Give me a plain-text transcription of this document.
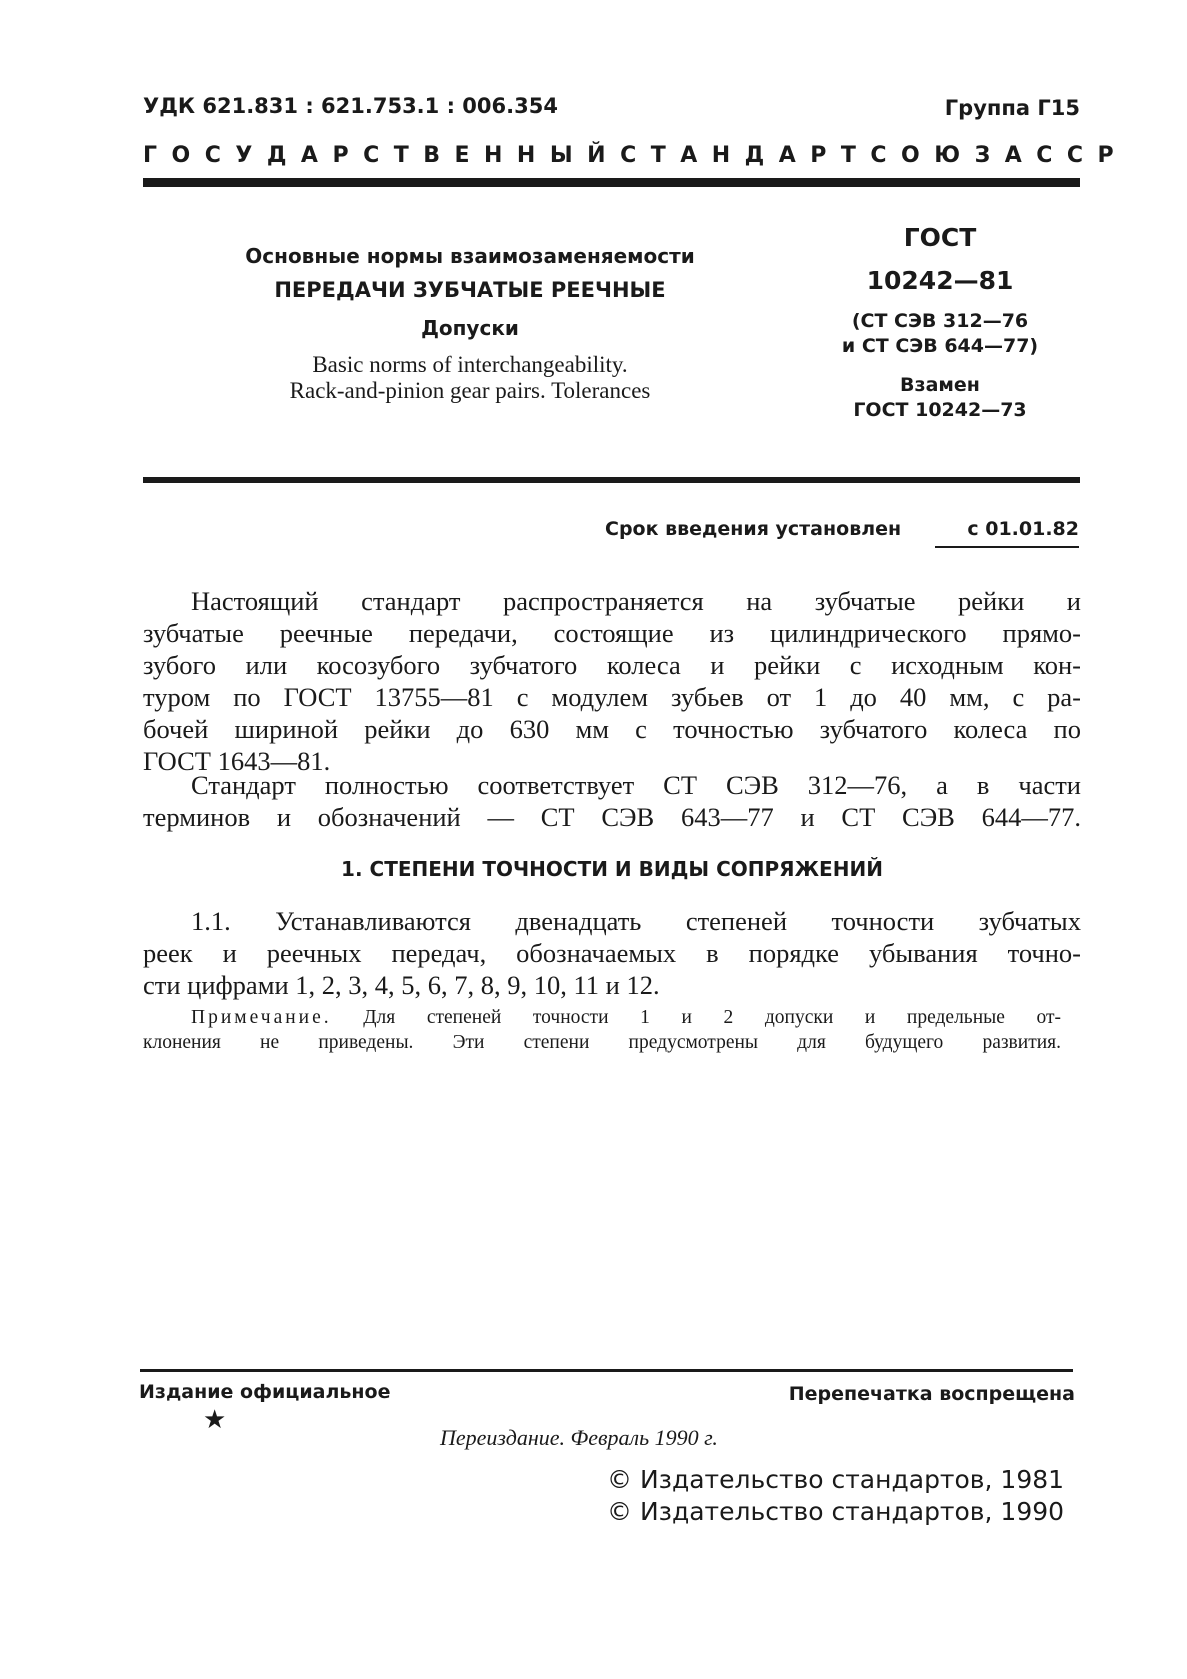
УДК 621.831 : 621.753.1 : 006.354	Группа Г15
ГОСУДАРСТВЕННЫЙ СТАНДАРТ СОЮЗА ССР
Основные нормы взаимозаменяемости
ПЕРЕДАЧИ ЗУБЧАТЫЕ РЕЕЧНЫЕ
Допуски
Basic norms of interchangeability.
Rack-and-pinion gear pairs. Tolerances
ГОСТ
10242—81
(СТ СЭВ 312—76
и СТ СЭВ 644—77)
Взамен
ГОСТ 10242—73
Срок введения установлен	с 01.01.82
Настоящий стандарт распространяется на зубчатые рейки и
зубчатые реечные передачи, состоящие из цилиндрического прямо-
зубого или косозубого зубчатого колеса и рейки с исходным кон-
туром по ГОСТ 13755—81 с модулем зубьев от 1 до 40 мм, с ра-
бочей шириной рейки до 630 мм с точностью зубчатого колеса по
ГОСТ 1643—81.
Стандарт полностью соответствует СТ СЭВ 312—76, а в части
терминов и обозначений — СТ СЭВ 643—77 и СТ СЭВ 644—77.
1. СТЕПЕНИ ТОЧНОСТИ И ВИДЫ СОПРЯЖЕНИЙ
1.1. Устанавливаются двенадцать степеней точности зубчатых
реек и реечных передач, обозначаемых в порядке убывания точно-
сти цифрами 1, 2, 3, 4, 5, 6, 7, 8, 9, 10, 11 и 12.
Примечание. Для степеней точности 1 и 2 допуски и предельные от-
клонения не приведены. Эти степени предусмотрены для будущего развития.
Издание официальное
★
Перепечатка воспрещена
Переиздание. Февраль 1990 г.
© Издательство стандартов, 1981
© Издательство стандартов, 1990
